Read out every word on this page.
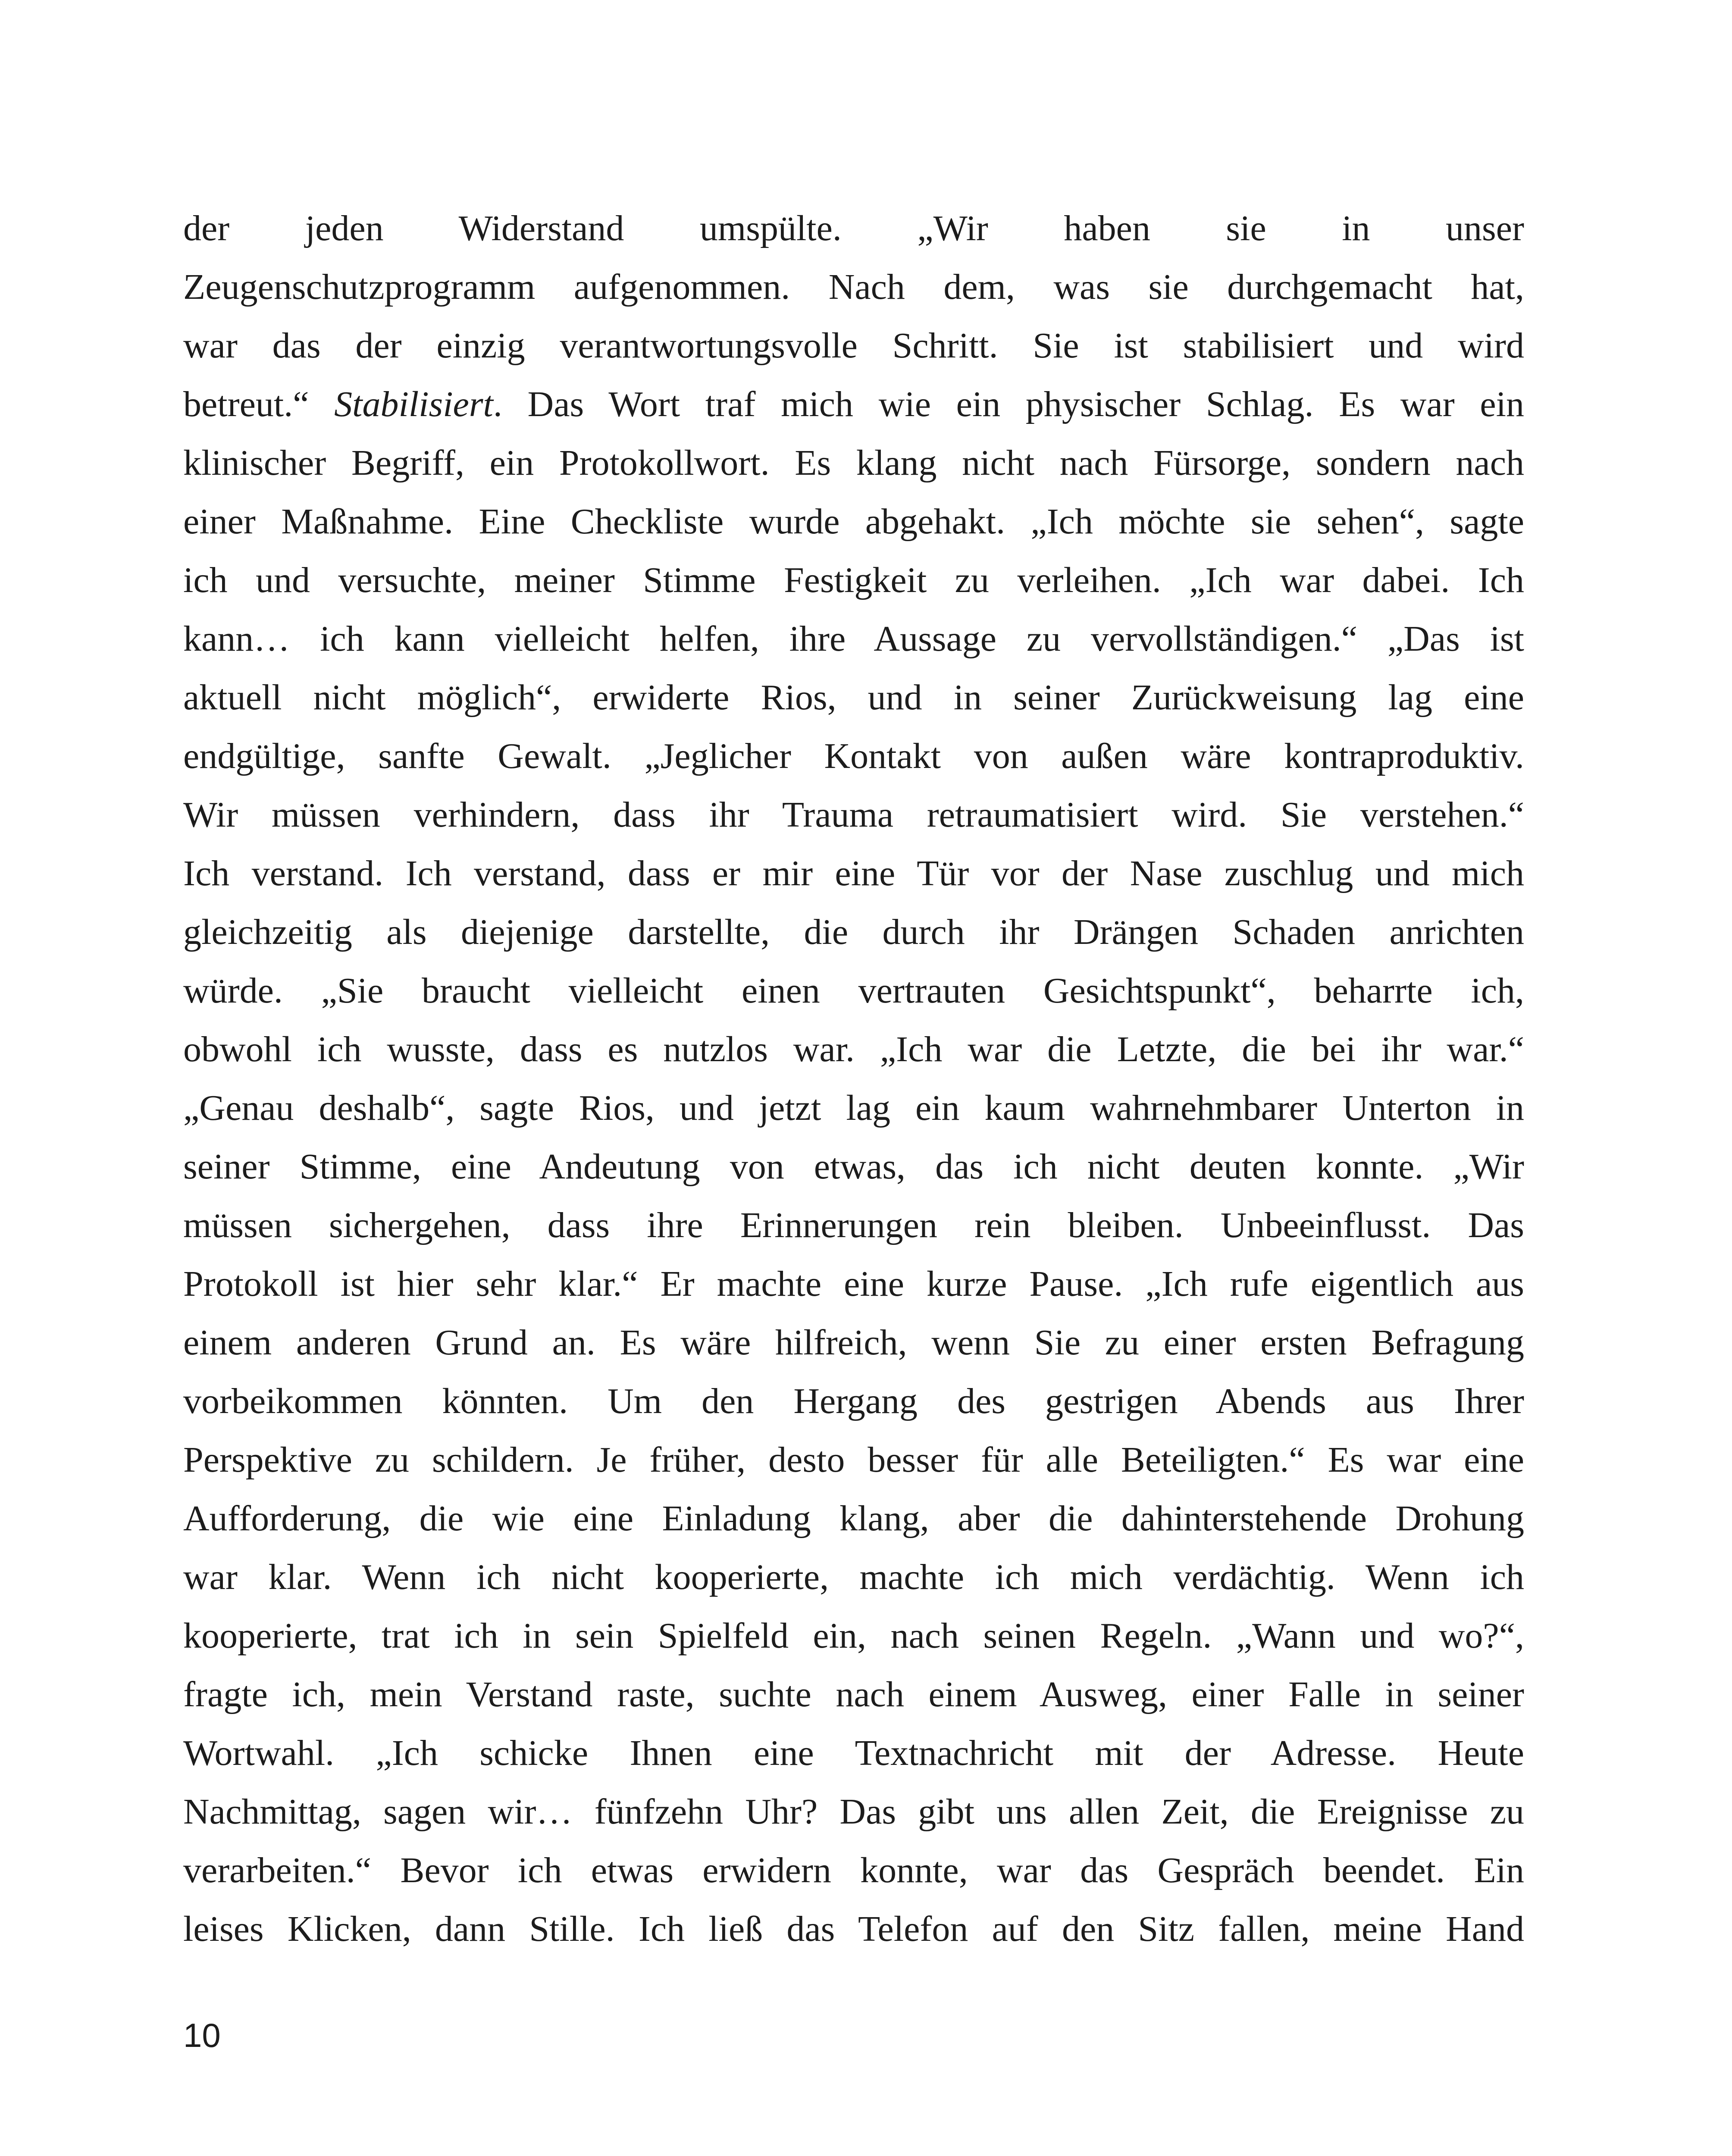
der jeden Widerstand umspülte. „Wir haben sie in unser
Zeugenschutzprogramm aufgenommen. Nach dem, was sie durchgemacht hat,
war das der einzig verantwortungsvolle Schritt. Sie ist stabilisiert und wird
betreut.“ Stabilisiert. Das Wort traf mich wie ein physischer Schlag. Es war ein
klinischer Begriff, ein Protokollwort. Es klang nicht nach Fürsorge, sondern nach
einer Maßnahme. Eine Checkliste wurde abgehakt. „Ich möchte sie sehen“, sagte
ich und versuchte, meiner Stimme Festigkeit zu verleihen. „Ich war dabei. Ich
kann… ich kann vielleicht helfen, ihre Aussage zu vervollständigen.“ „Das ist
aktuell nicht möglich“, erwiderte Rios, und in seiner Zurückweisung lag eine
endgültige, sanfte Gewalt. „Jeglicher Kontakt von außen wäre kontraproduktiv.
Wir müssen verhindern, dass ihr Trauma retraumatisiert wird. Sie verstehen.“
Ich verstand. Ich verstand, dass er mir eine Tür vor der Nase zuschlug und mich
gleichzeitig als diejenige darstellte, die durch ihr Drängen Schaden anrichten
würde. „Sie braucht vielleicht einen vertrauten Gesichtspunkt“, beharrte ich,
obwohl ich wusste, dass es nutzlos war. „Ich war die Letzte, die bei ihr war.“
„Genau deshalb“, sagte Rios, und jetzt lag ein kaum wahrnehmbarer Unterton in
seiner Stimme, eine Andeutung von etwas, das ich nicht deuten konnte. „Wir
müssen sichergehen, dass ihre Erinnerungen rein bleiben. Unbeeinflusst. Das
Protokoll ist hier sehr klar.“ Er machte eine kurze Pause. „Ich rufe eigentlich aus
einem anderen Grund an. Es wäre hilfreich, wenn Sie zu einer ersten Befragung
vorbeikommen könnten. Um den Hergang des gestrigen Abends aus Ihrer
Perspektive zu schildern. Je früher, desto besser für alle Beteiligten.“ Es war eine
Aufforderung, die wie eine Einladung klang, aber die dahinterstehende Drohung
war klar. Wenn ich nicht kooperierte, machte ich mich verdächtig. Wenn ich
kooperierte, trat ich in sein Spielfeld ein, nach seinen Regeln. „Wann und wo?“,
fragte ich, mein Verstand raste, suchte nach einem Ausweg, einer Falle in seiner
Wortwahl. „Ich schicke Ihnen eine Textnachricht mit der Adresse. Heute
Nachmittag, sagen wir… fünfzehn Uhr? Das gibt uns allen Zeit, die Ereignisse zu
verarbeiten.“ Bevor ich etwas erwidern konnte, war das Gespräch beendet. Ein
leises Klicken, dann Stille. Ich ließ das Telefon auf den Sitz fallen, meine Hand
10
